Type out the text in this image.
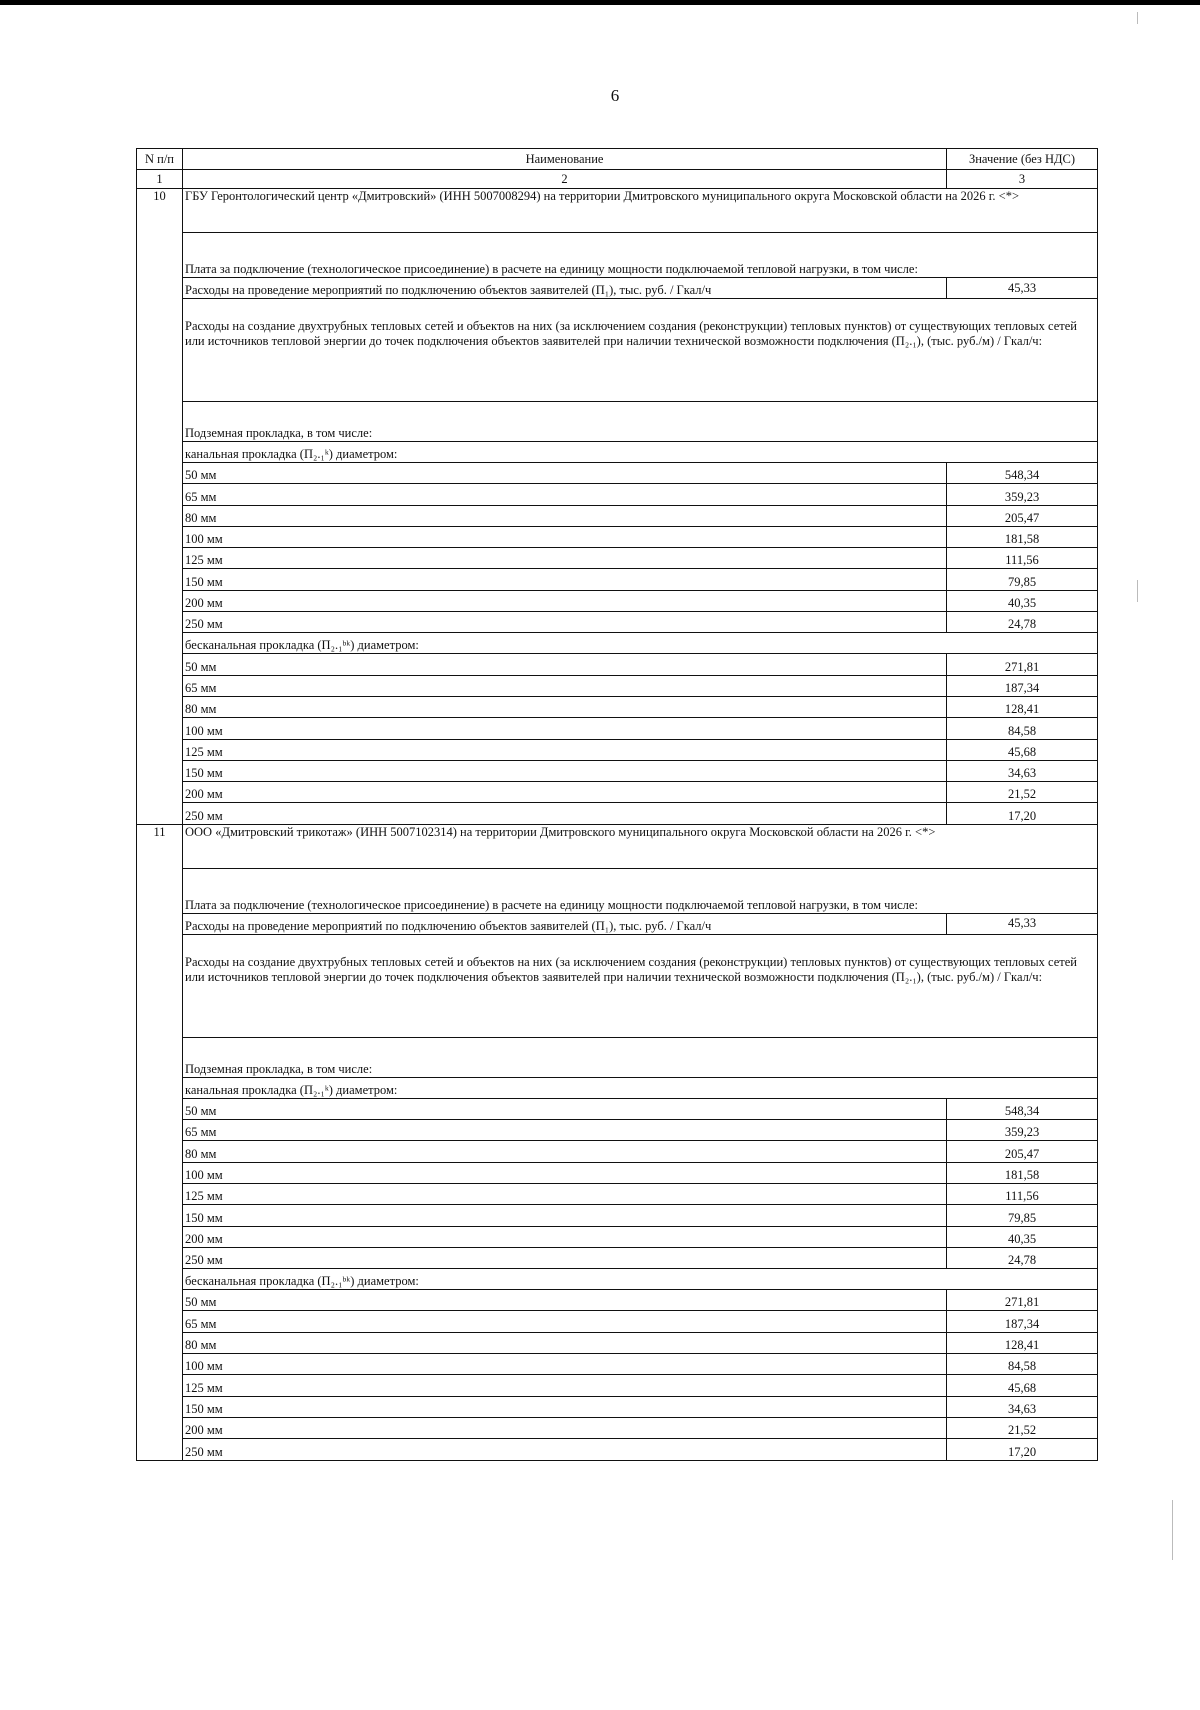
6
N п/п	Наименование	Значение (без НДС)
1	2	3
10	ГБУ Геронтологический центр «Дмитровский» (ИНН 5007008294) на территории Дмитровского муниципального округа Московской области на 2026 г. <*>	
	Плата за подключение (технологическое присоединение) в расчете на единицу мощности подключаемой тепловой нагрузки, в том числе:	
	Расходы на проведение мероприятий по подключению объектов заявителей (П₁), тыс. руб. / Гкал/ч	45,33
	Расходы на создание двухтрубных тепловых сетей и объектов на них (за исключением создания (реконструкции) тепловых пунктов) от существующих тепловых сетей или источников тепловой энергии до точек подключения объектов заявителей при наличии технической возможности подключения (П₂.₁), (тыс. руб./м) / Гкал/ч:	
	Подземная прокладка, в том числе:	
	канальная прокладка (П₂.₁ᵏ) диаметром:	
	50 мм	548,34
	65 мм	359,23
	80 мм	205,47
	100 мм	181,58
	125 мм	111,56
	150 мм	79,85
	200 мм	40,35
	250 мм	24,78
	бесканальная прокладка (П₂.₁ᵇᵏ) диаметром:	
	50 мм	271,81
	65 мм	187,34
	80 мм	128,41
	100 мм	84,58
	125 мм	45,68
	150 мм	34,63
	200 мм	21,52
	250 мм	17,20
11	ООО «Дмитровский трикотаж» (ИНН 5007102314) на территории Дмитровского муниципального округа Московской области на 2026 г. <*>	
	Плата за подключение (технологическое присоединение) в расчете на единицу мощности подключаемой тепловой нагрузки, в том числе:	
	Расходы на проведение мероприятий по подключению объектов заявителей (П₁), тыс. руб. / Гкал/ч	45,33
	Расходы на создание двухтрубных тепловых сетей и объектов на них (за исключением создания (реконструкции) тепловых пунктов) от существующих тепловых сетей или источников тепловой энергии до точек подключения объектов заявителей при наличии технической возможности подключения (П₂.₁), (тыс. руб./м) / Гкал/ч:	
	Подземная прокладка, в том числе:	
	канальная прокладка (П₂.₁ᵏ) диаметром:	
	50 мм	548,34
	65 мм	359,23
	80 мм	205,47
	100 мм	181,58
	125 мм	111,56
	150 мм	79,85
	200 мм	40,35
	250 мм	24,78
	бесканальная прокладка (П₂.₁ᵇᵏ) диаметром:	
	50 мм	271,81
	65 мм	187,34
	80 мм	128,41
	100 мм	84,58
	125 мм	45,68
	150 мм	34,63
	200 мм	21,52
	250 мм	17,20
